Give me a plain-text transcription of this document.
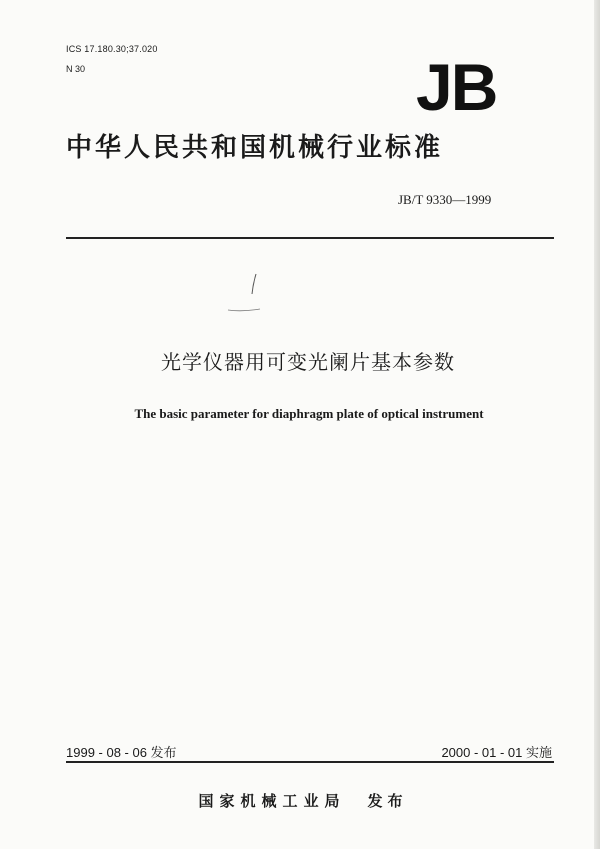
ICS 17.180.30;37.020
N 30	JB
中华人民共和国机械行业标准
JB/T 9330—1999
光学仪器用可变光阑片基本参数
The basic parameter for diaphragm plate of optical instrument
1999 - 08 - 06 发布	2000 - 01 - 01 实施
国家机械工业局 发布
